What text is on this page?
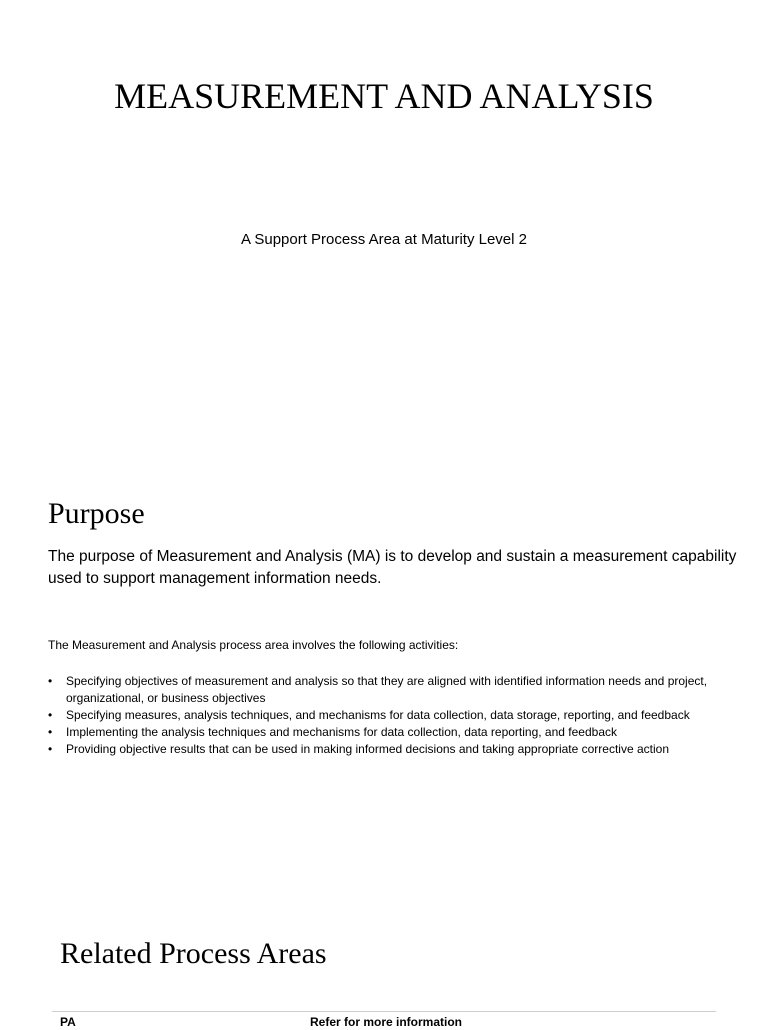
MEASUREMENT AND ANALYSIS

A Support Process Area at Maturity Level 2

Purpose

The purpose of Measurement and Analysis (MA) is to develop and sustain a measurement capability used to support management information needs.

The Measurement and Analysis process area involves the following activities:

• Specifying objectives of measurement and analysis so that they are aligned with identified information needs and project, organizational, or business objectives
• Specifying measures, analysis techniques, and mechanisms for data collection, data storage, reporting, and feedback
• Implementing the analysis techniques and mechanisms for data collection, data reporting, and feedback
• Providing objective results that can be used in making informed decisions and taking appropriate corrective action
Related Process Areas
PA	Refer for more information
